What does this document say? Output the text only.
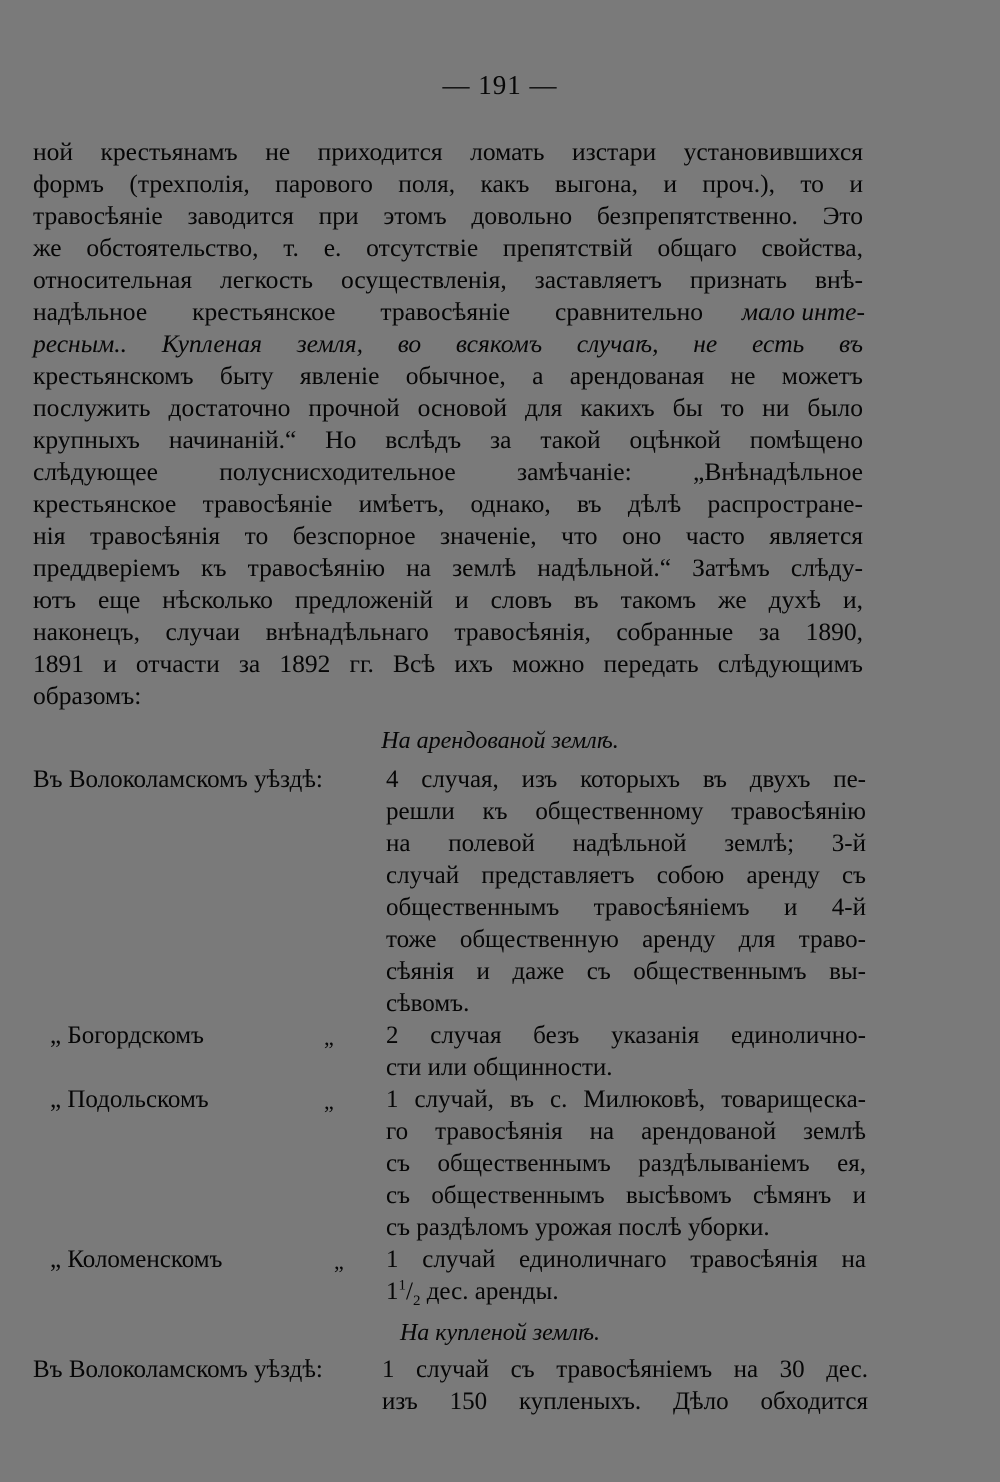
— 191 —
ной крестьянамъ не приходится ломать изстари установившихся
формъ (трехполія, парового поля, какъ выгона, и проч.), то и
травосѣяніе заводится при этомъ довольно безпрепятственно. Это
же обстоятельство, т. е. отсутствіе препятствій общаго свойства,
относительная легкость осуществленія, заставляетъ признать внѣ-
надѣльное крестьянское травосѣяніе сравнительно	мало инте-
ресным.. Купленая земля, во всякомъ случаѣ, не есть въ
крестьянскомъ быту явленіе обычное, а арендованая не можетъ
послужить достаточно прочной основой для какихъ бы то ни было
крупныхъ начинаній.“ Но вслѣдъ за такой оцѣнкой помѣщено
слѣдующее полуснисходительное замѣчаніе: „Внѣнадѣльное
крестьянское травосѣяніе имѣетъ, однако, въ дѣлѣ распростране-
нія травосѣянія то безспорное значеніе, что оно часто является
преддверіемъ къ травосѣянію на землѣ надѣльной.“ Затѣмъ слѣду-
ютъ еще нѣсколько предложеній и словъ въ такомъ же духѣ и,
наконецъ, случаи внѣнадѣльнаго травосѣянія, собранные за 1890,
1891 и отчасти за 1892 гг. Всѣ ихъ можно передать слѣдующимъ
образомъ:
На арендованой землѣ.
Въ Волоколамскомъ уѣздѣ:	4 случая, изъ которыхъ въ двухъ пе-
решли къ общественному травосѣянію
на полевой надѣльной землѣ; 3-й
случай представляетъ собою аренду съ
общественнымъ травосѣяніемъ и 4-й
тоже общественную аренду для траво-
сѣянія и даже съ общественнымъ вы-
сѣвомъ.
„ Богордскомъ	„ 2 случая безъ указанія единоличнo-
сти или общинности.
„ Подольскомъ	„ 1 случай, въ с. Милюковѣ, товарищеска-
го травосѣянія на арендованой землѣ
съ общественнымъ раздѣлываніемъ ея,
съ общественнымъ высѣвомъ сѣмянъ и
съ раздѣломъ урожая послѣ уборки.
„ Коломенскомъ	„ 1 случай единоличнаго травосѣянія на
$1^1/_2$ дес. аренды.
На купленой землѣ.
Въ Волоколамскомъ уѣздѣ: 1 случай съ травосѣяніемъ на 30 дес.
изъ 150 купленыхъ. Дѣло обходится
